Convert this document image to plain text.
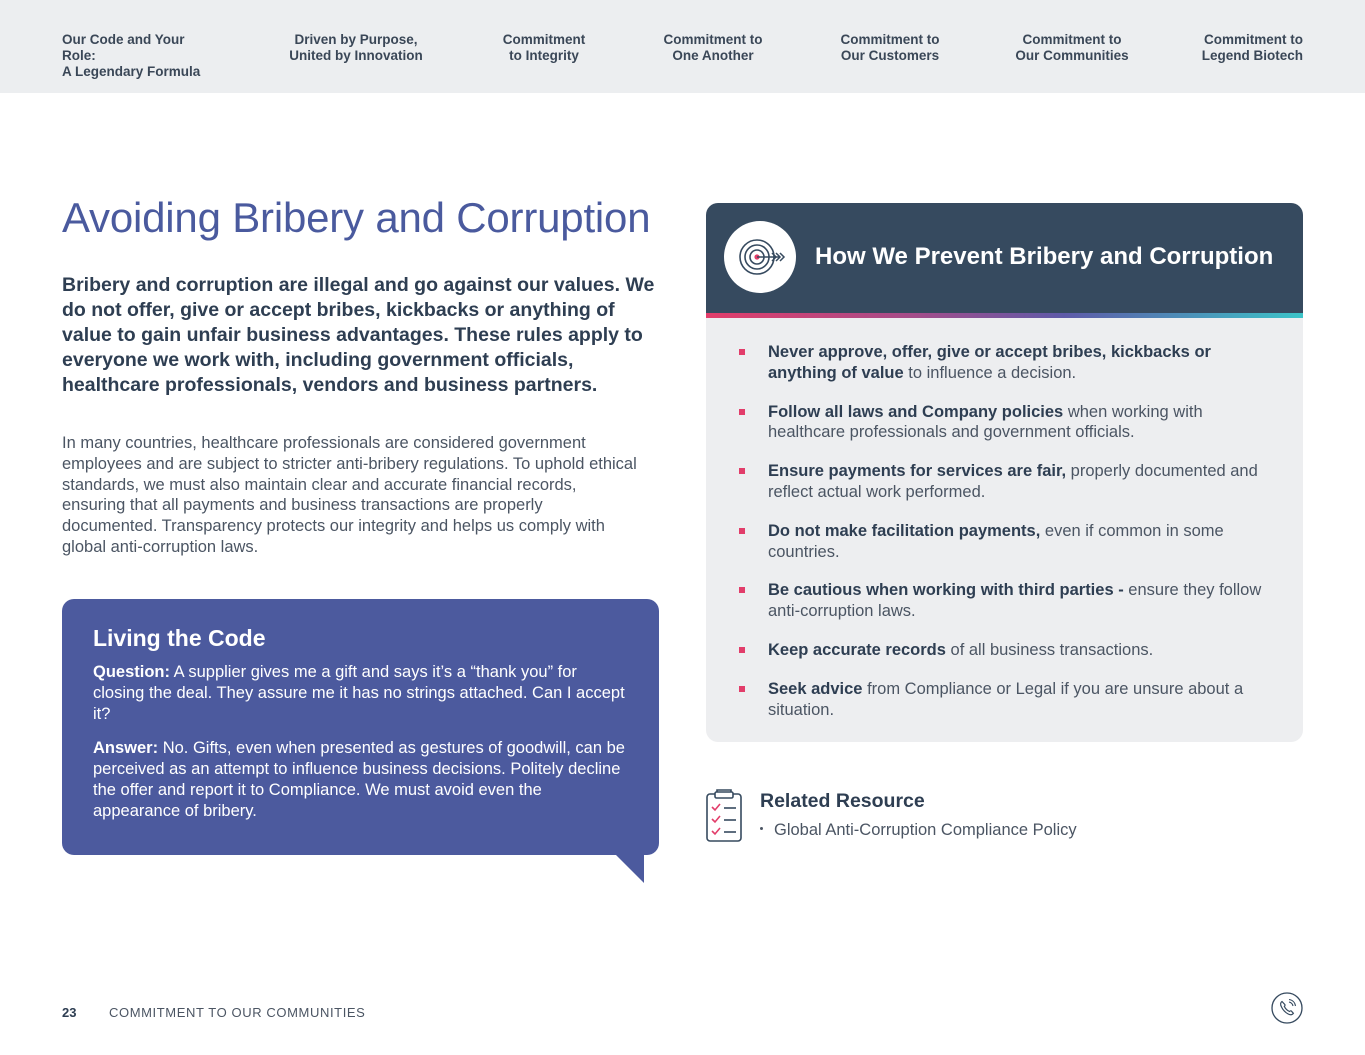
Our Code and Your Role:
A Legendary Formula
Driven by Purpose,
United by Innovation
Commitment
to Integrity
Commitment to
One Another
Commitment to
Our Customers
Commitment to
Our Communities
Commitment to
Legend Biotech
Avoiding Bribery and Corruption

Bribery and corruption are illegal and go against our values. We do not offer, give or accept bribes, kickbacks or anything of value to gain unfair business advantages. These rules apply to everyone we work with, including government officials, healthcare professionals, vendors and business partners.

In many countries, healthcare professionals are considered government employees and are subject to stricter anti-bribery regulations. To uphold ethical standards, we must also maintain clear and accurate financial records, ensuring that all payments and business transactions are properly documented. Transparency protects our integrity and helps us comply with global anti-corruption laws.

Living the Code

Question: A supplier gives me a gift and says it’s a “thank you” for closing the deal. They assure me it has no strings attached. Can I accept it?

Answer: No. Gifts, even when presented as gestures of goodwill, can be perceived as an attempt to influence business decisions. Politely decline the offer and report it to Compliance. We must avoid even the appearance of bribery.

How We Prevent Bribery and Corruption
Never approve, offer, give or accept bribes, kickbacks or anything of value to influence a decision.
Follow all laws and Company policies when working with healthcare professionals and government officials.
Ensure payments for services are fair, properly documented and reflect actual work performed.
Do not make facilitation payments, even if common in some countries.
Be cautious when working with third parties - ensure they follow anti-corruption laws.
Keep accurate records of all business transactions.
Seek advice from Compliance or Legal if you are unsure about a situation.
Related Resource
Global Anti-Corruption Compliance Policy
23	COMMITMENT TO OUR COMMUNITIES
